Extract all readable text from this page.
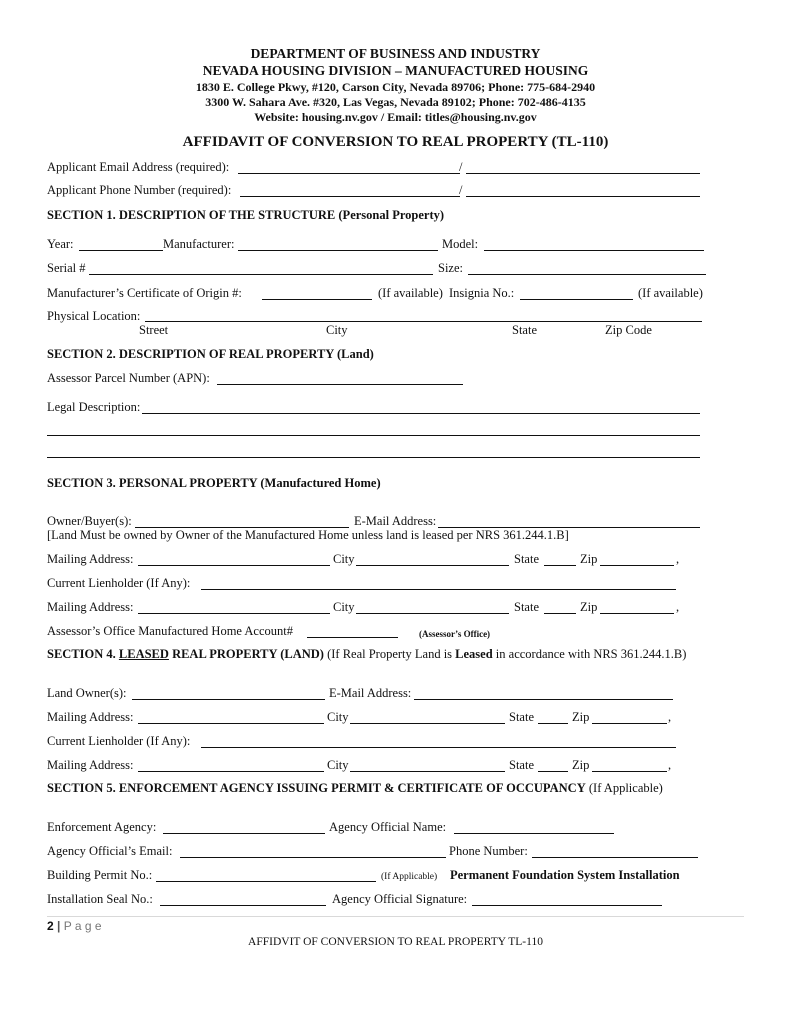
DEPARTMENT OF BUSINESS AND INDUSTRY
NEVADA HOUSING DIVISION – MANUFACTURED HOUSING
1830 E. College Pkwy, #120, Carson City, Nevada 89706; Phone: 775-684-2940
3300 W. Sahara Ave. #320, Las Vegas, Nevada 89102; Phone: 702-486-4135
Website: housing.nv.gov / Email: titles@housing.nv.gov
AFFIDAVIT OF CONVERSION TO REAL PROPERTY (TL-110)
Applicant Email Address (required):	/
Applicant Phone Number (required):	/
SECTION 1. DESCRIPTION OF THE STRUCTURE (Personal Property)
Year:	Manufacturer:	Model:
Serial #	Size:
Manufacturer’s Certificate of Origin #:	(If available) Insignia No.:	(If available)
Physical Location:
Street	City	State	Zip Code
SECTION 2. DESCRIPTION OF REAL PROPERTY (Land)
Assessor Parcel Number (APN):
Legal Description:
SECTION 3. PERSONAL PROPERTY (Manufactured Home)
Owner/Buyer(s):	E-Mail Address:
[Land Must be owned by Owner of the Manufactured Home unless land is leased per NRS 361.244.1.B]
Mailing Address:	City	State	Zip	,
Current Lienholder (If Any):
Mailing Address:	City	State	Zip	,
Assessor’s Office Manufactured Home Account#	(Assessor’s Office)
SECTION 4. LEASED REAL PROPERTY (LAND) (If Real Property Land is Leased in accordance with NRS 361.244.1.B)
Land Owner(s):	E-Mail Address:
Mailing Address:	City	State	Zip	,
Current Lienholder (If Any):
Mailing Address:	City	State	Zip	,
SECTION 5. ENFORCEMENT AGENCY ISSUING PERMIT & CERTIFICATE OF OCCUPANCY (If Applicable)
Enforcement Agency:	Agency Official Name:
Agency Official’s Email:	Phone Number:
Building Permit No.:	(If Applicable) Permanent Foundation System Installation
Installation Seal No.:	Agency Official Signature:
2 | P a g e
AFFIDVIT OF CONVERSION TO REAL PROPERTY TL-110
